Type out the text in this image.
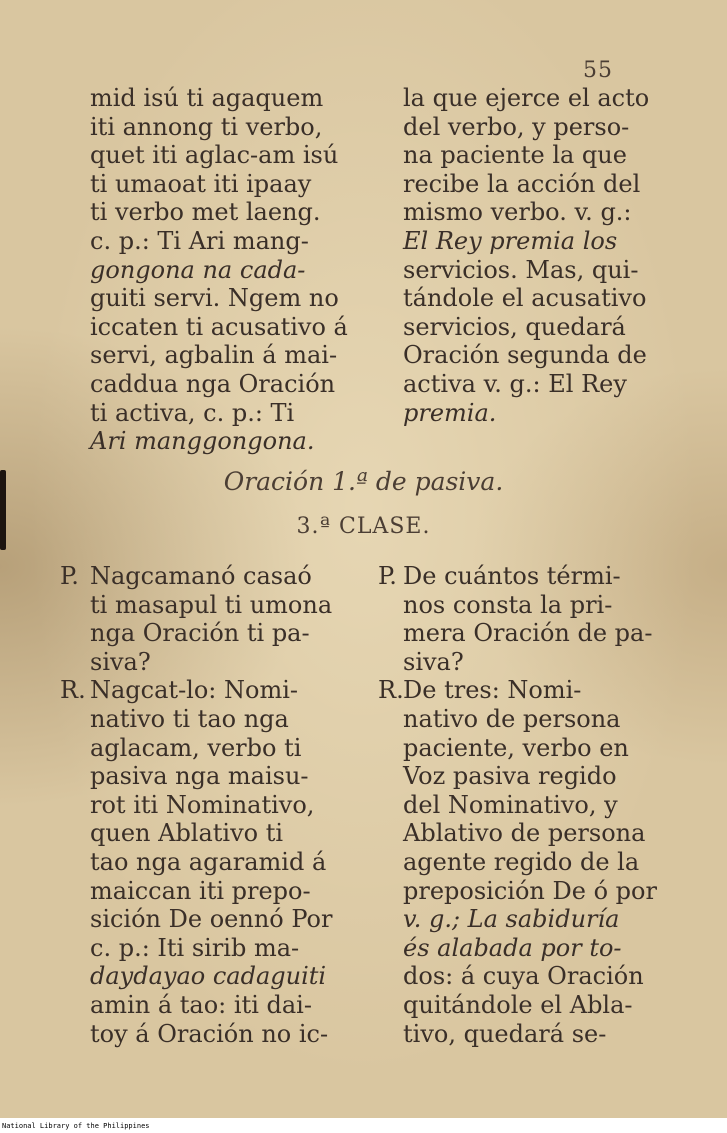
55
mid isú ti agaquem
iti annong ti verbo,
quet iti aglac-am isú
ti umaoat iti ipaay
ti verbo met laeng.
c. p.: Ti Ari mang-
gongona na cada-
guiti servi. Ngem no
iccaten ti acusativo á
servi, agbalin á mai-
caddua nga Oración
ti activa, c. p.: Ti
Ari manggongona.
la que ejerce el acto
del verbo, y perso-
na paciente la que
recibe la acción del
mismo verbo. v. g.:
El Rey premia los
servicios. Mas, qui-
tándole el acusativo
servicios, quedará
Oración segunda de
activa v. g.: El Rey
premia.
Oración 1.ª de pasiva.
3.ª CLASE.
P. Nagcamanó casaó
ti masapul ti umona
nga Oración ti pa-
siva?
R. Nagcat-lo: Nomi-
nativo ti tao nga
aglacam, verbo ti
pasiva nga maisu-
rot iti Nominativo,
quen Ablativo ti
tao nga agaramid á
maiccan iti prepo-
sición De oennó Por
c. p.: Iti sirib ma-
daydayao cadaguiti
amin á tao: iti dai-
toy á Oración no ic-
P. De cuántos térmi-
nos consta la pri-
mera Oración de pa-
siva?
R.De tres: Nomi-
nativo de persona
paciente, verbo en
Voz pasiva regido
del Nominativo, y
Ablativo de persona
agente regido de la
preposición De ó por
v. g.; La sabiduría
és alabada por to-
dos: á cuya Oración
quitándole el Abla-
tivo, quedará se-
National Library of the Philippines
